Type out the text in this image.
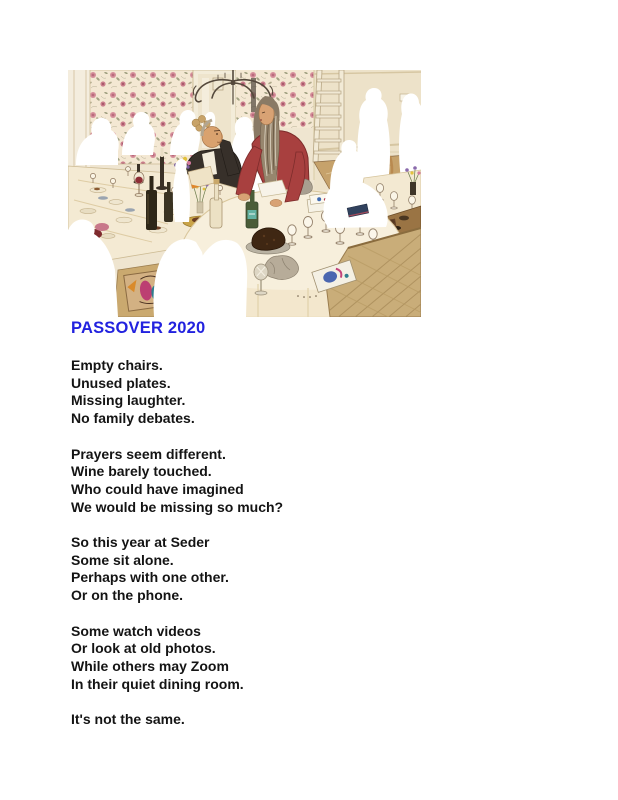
PASSOVER 2020
Empty chairs.
Unused plates.
Missing laughter.
No family debates.
Prayers seem different.
Wine barely touched.
Who could have imagined
We would be missing so much?
So this year at Seder
Some sit alone.
Perhaps with one other.
Or on the phone.
Some watch videos
Or look at old photos.
While others may Zoom
In their quiet dining room.
It's not the same.
